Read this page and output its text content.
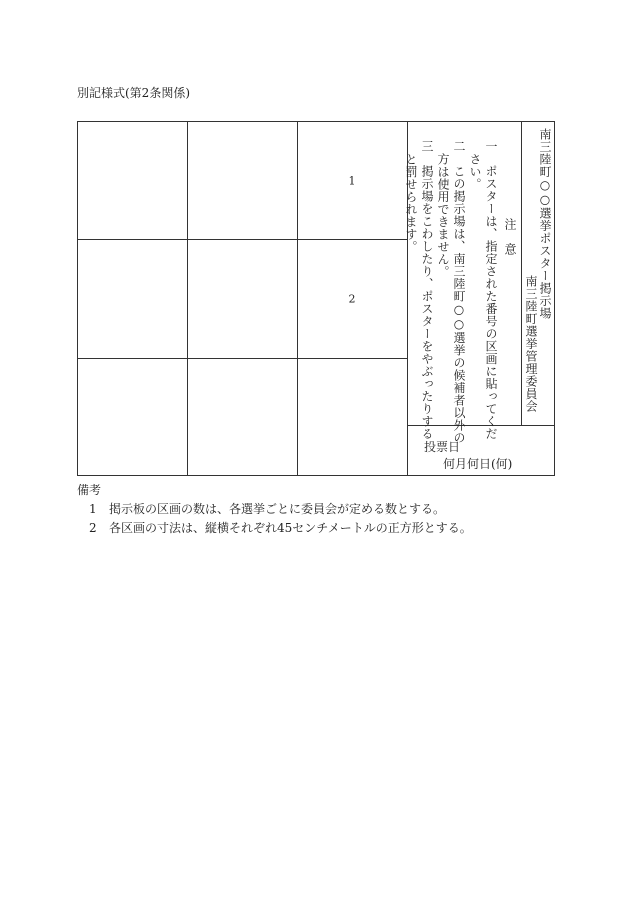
別記様式(第2条関係)
1
2	南三陸町○○選挙ポスター掲示場
南三陸町選挙管理委員会
注　意
一　ポスターは、指定された番号の区画に貼ってくだ
さい。
二　この掲示場は、南三陸町○○選挙の候補者以外の
方は使用できません。
三　掲示場をこわしたり、ポスターをやぶったりする
と罰せられます。
投票日
何月何日(何)
備考
1 掲示板の区画の数は、各選挙ごとに委員会が定める数とする。
2 各区画の寸法は、縦横それぞれ45センチメートルの正方形とする。
